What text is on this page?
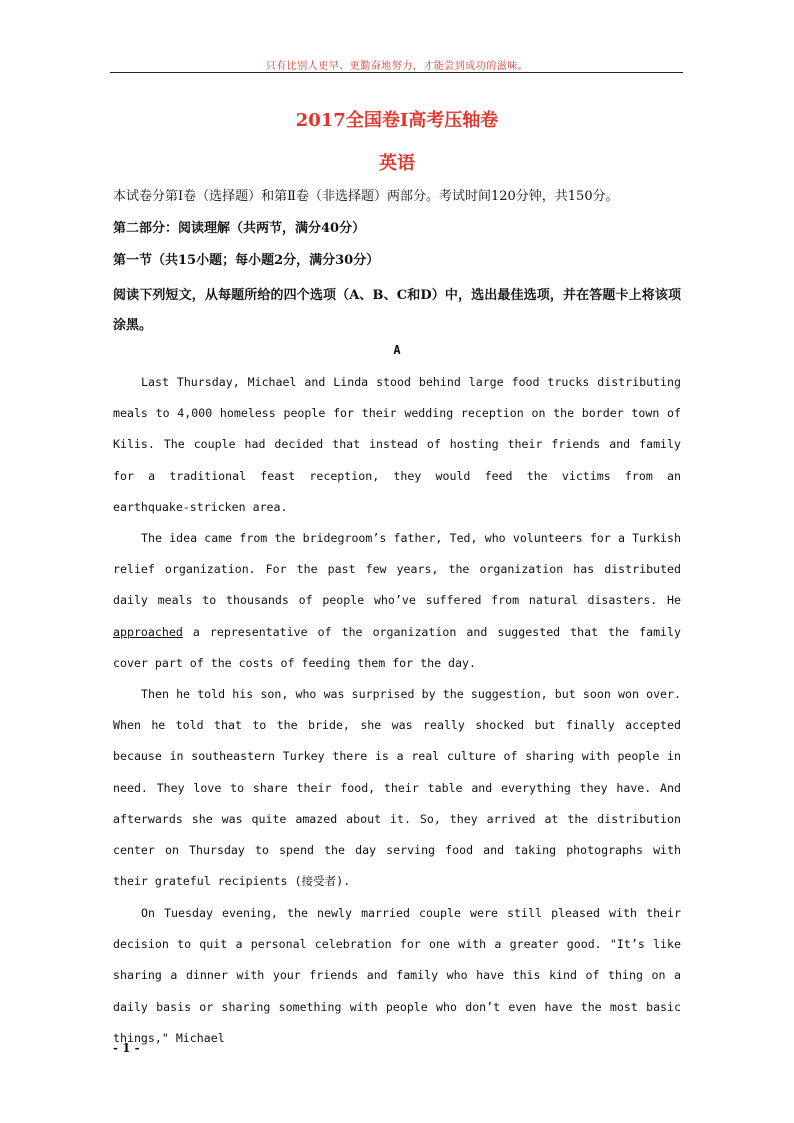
只有比别人更早、更勤奋地努力，才能尝到成功的滋味。
2017全国卷Ⅰ高考压轴卷
英语
本试卷分第Ⅰ卷（选择题）和第Ⅱ卷（非选择题）两部分。考试时间120分钟，共150分。
第二部分：阅读理解（共两节，满分40分）
第一节（共15小题；每小题2分，满分30分）
阅读下列短文，从每题所给的四个选项（A、B、C和D）中，选出最佳选项，并在答题卡上将该项涂黑。
A
Last Thursday, Michael and Linda stood behind large food trucks distributing meals to 4,000 homeless people for their wedding reception on the border town of Kilis. The couple had decided that instead of hosting their friends and family for a traditional feast reception, they would feed the victims from an earthquake-stricken area.
The idea came from the bridegroom’s father, Ted, who volunteers for a Turkish relief organization. For the past few years, the organization has distributed daily meals to thousands of people who’ve suffered from natural disasters. He approached a representative of the organization and suggested that the family cover part of the costs of feeding them for the day.
Then he told his son, who was surprised by the suggestion, but soon won over. When he told that to the bride, she was really shocked but finally accepted because in southeastern Turkey there is a real culture of sharing with people in need. They love to share their food, their table and everything they have. And afterwards she was quite amazed about it. So, they arrived at the distribution center on Thursday to spend the day serving food and taking photographs with their grateful recipients (接受者).
On Tuesday evening, the newly married couple were still pleased with their decision to quit a personal celebration for one with a greater good. "It’s like sharing a dinner with your friends and family who have this kind of thing on a daily basis or sharing something with people who don’t even have the most basic things," Michael
- 1 -
